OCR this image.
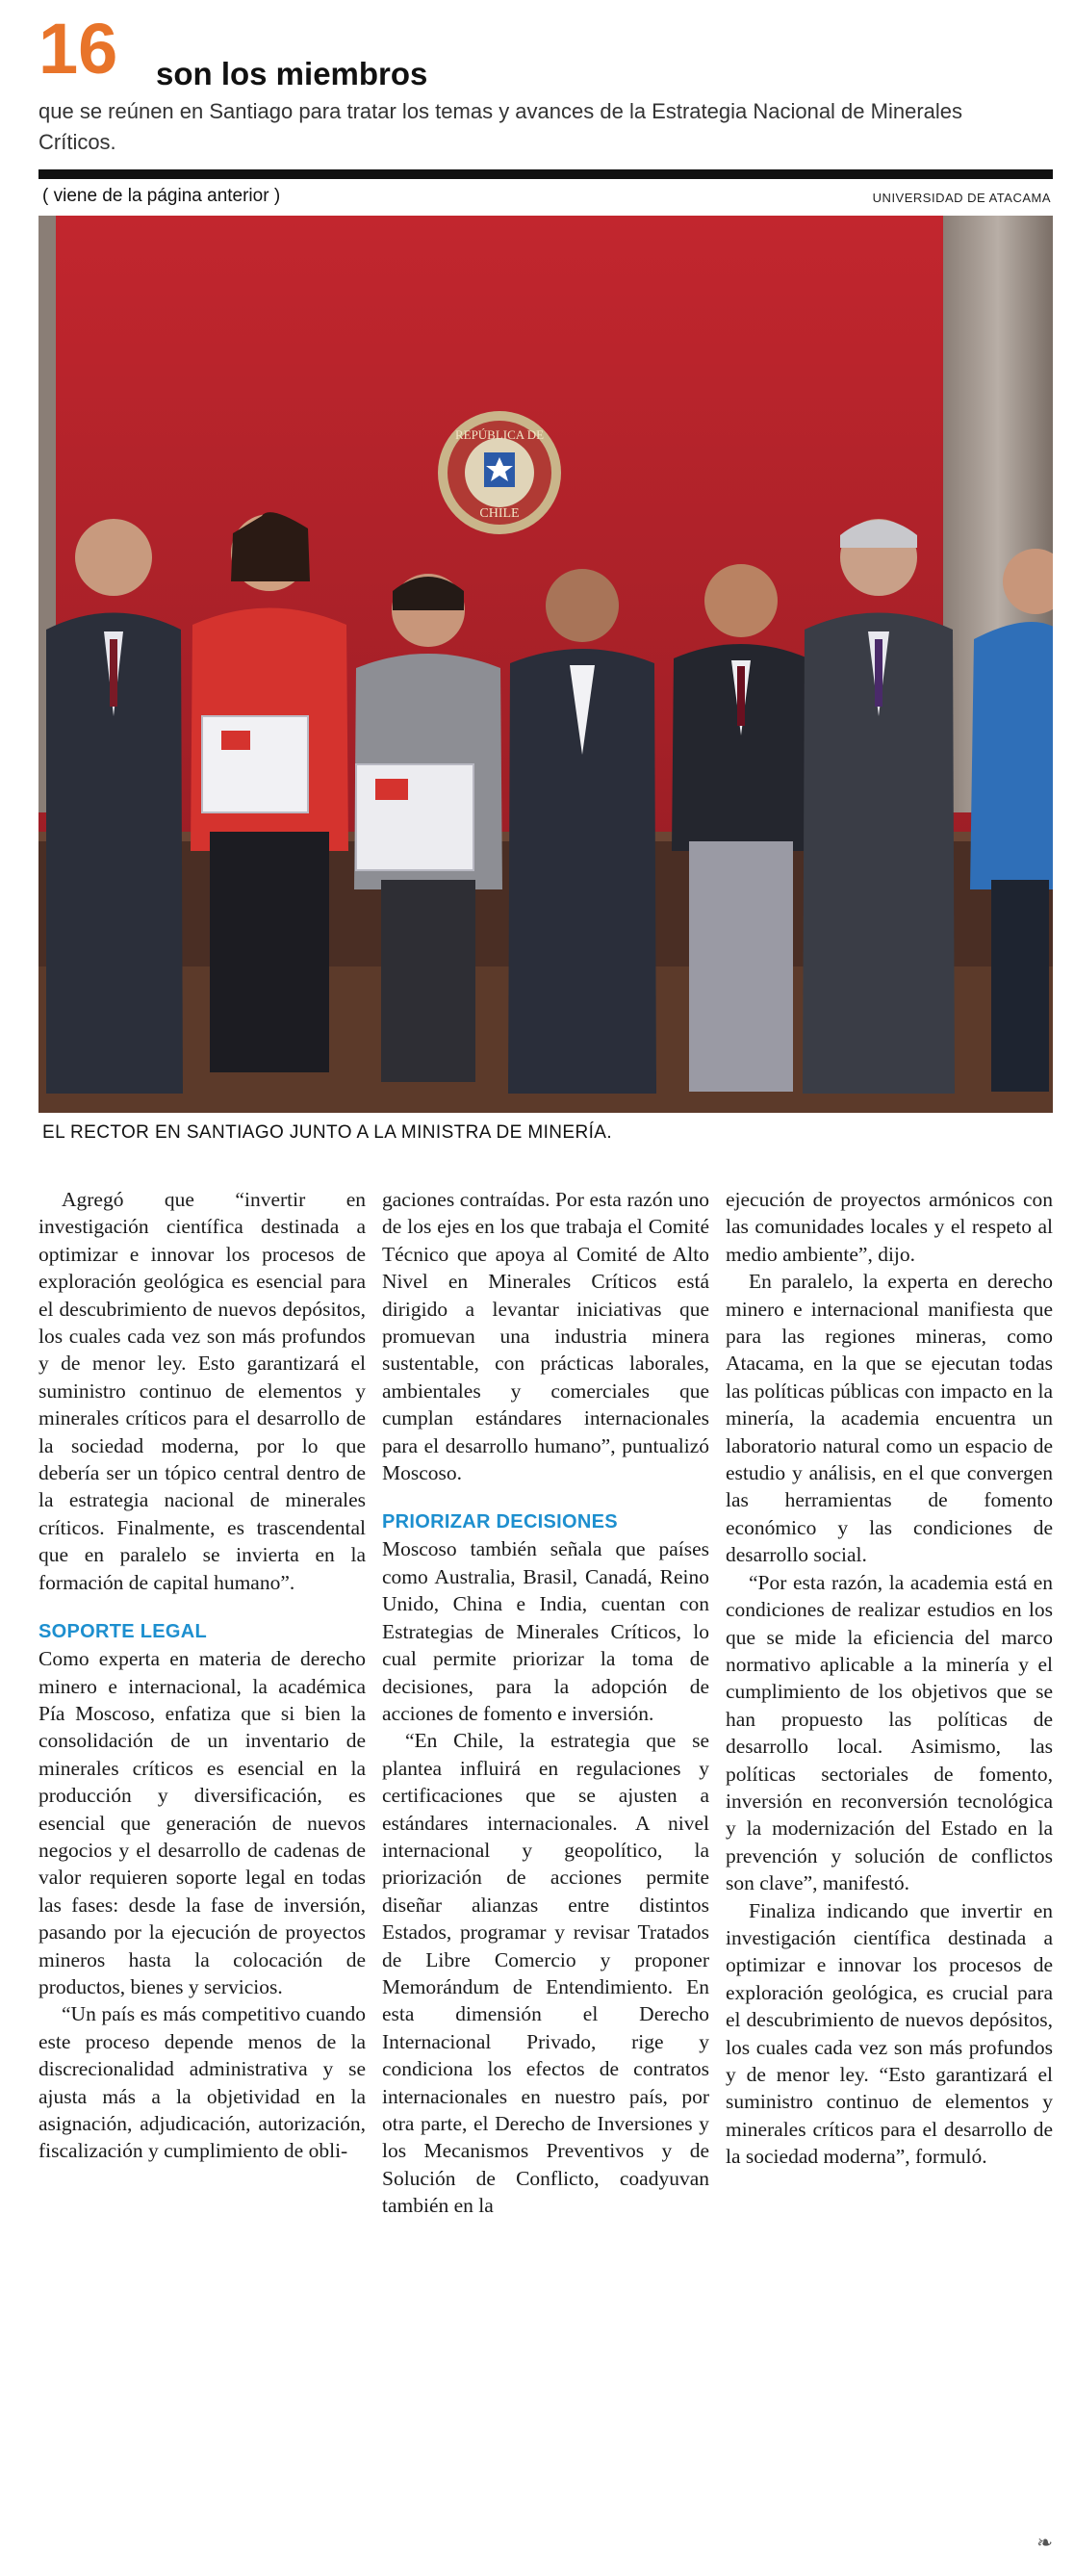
16 son los miembros
que se reúnen en Santiago para tratar los temas y avances de la Estrategia Nacional de Minerales Críticos.
( viene de la página anterior )	UNIVERSIDAD DE ATACAMA
REPÚBLICA DE
CHILE
EL RECTOR EN SANTIAGO JUNTO A LA MINISTRA DE MINERÍA.

Agregó que “invertir en investigación científica destinada a optimizar e innovar los procesos de exploración geológica es esencial para el descubrimiento de nuevos depósitos, los cuales cada vez son más profundos y de menor ley. Esto garantizará el suministro continuo de elementos y minerales críticos para el desarrollo de la sociedad moderna, por lo que debería ser un tópico central dentro de la estrategia nacional de minerales críticos. Finalmente, es trascendental que en paralelo se invierta en la formación de capital humano”.

SOPORTE LEGAL

Como experta en materia de derecho minero e internacional, la académica Pía Moscoso, enfatiza que si bien la consolidación de un inventario de minerales críticos es esencial en la producción y diversificación, es esencial que generación de nuevos negocios y el desarrollo de cadenas de valor requieren soporte legal en todas las fases: desde la fase de inversión, pasando por la ejecución de proyectos mineros hasta la colocación de productos, bienes y servicios.

“Un país es más competitivo cuando este proceso depende menos de la discrecionalidad administrativa y se ajusta más a la objetividad en la asignación, adjudicación, autorización, fiscalización y cumplimiento de obli-

gaciones contraídas. Por esta razón uno de los ejes en los que trabaja el Comité Técnico que apoya al Comité de Alto Nivel en Minerales Críticos está dirigido a levantar iniciativas que promuevan una industria minera sustentable, con prácticas laborales, ambientales y comerciales que cumplan estándares internacionales para el desarrollo humano”, puntualizó Moscoso.

PRIORIZAR DECISIONES

Moscoso también señala que países como Australia, Brasil, Canadá, Reino Unido, China e India, cuentan con Estrategias de Minerales Críticos, lo cual permite priorizar la toma de decisiones, para la adopción de acciones de fomento e inversión.

“En Chile, la estrategia que se plantea influirá en regulaciones y certificaciones que se ajusten a estándares internacionales. A nivel internacional y geopolítico, la priorización de acciones permite diseñar alianzas entre distintos Estados, programar y revisar Tratados de Libre Comercio y proponer Memorándum de Entendimiento. En esta dimensión el Derecho Internacional Privado, rige y condiciona los efectos de contratos internacionales en nuestro país, por otra parte, el Derecho de Inversiones y los Mecanismos Preventivos y de Solución de Conflicto, coadyuvan también en la

ejecución de proyectos armónicos con las comunidades locales y el respeto al medio ambiente”, dijo.

En paralelo, la experta en derecho minero e internacional manifiesta que para las regiones mineras, como Atacama, en la que se ejecutan todas las políticas públicas con impacto en la minería, la academia encuentra un laboratorio natural como un espacio de estudio y análisis, en el que convergen las herramientas de fomento económico y las condiciones de desarrollo social.

“Por esta razón, la academia está en condiciones de realizar estudios en los que se mide la eficiencia del marco normativo aplicable a la minería y el cumplimiento de los objetivos que se han propuesto las políticas de desarrollo local. Asimismo, las políticas sectoriales de fomento, inversión en reconversión tecnológica y la modernización del Estado en la prevención y solución de conflictos son clave”, manifestó.

Finaliza indicando que invertir en investigación científica destinada a optimizar e innovar los procesos de exploración geológica, es crucial para el descubrimiento de nuevos depósitos, los cuales cada vez son más profundos y de menor ley. “Esto garantizará el suministro continuo de elementos y minerales críticos para el desarrollo de la sociedad moderna”, formuló.

❧
